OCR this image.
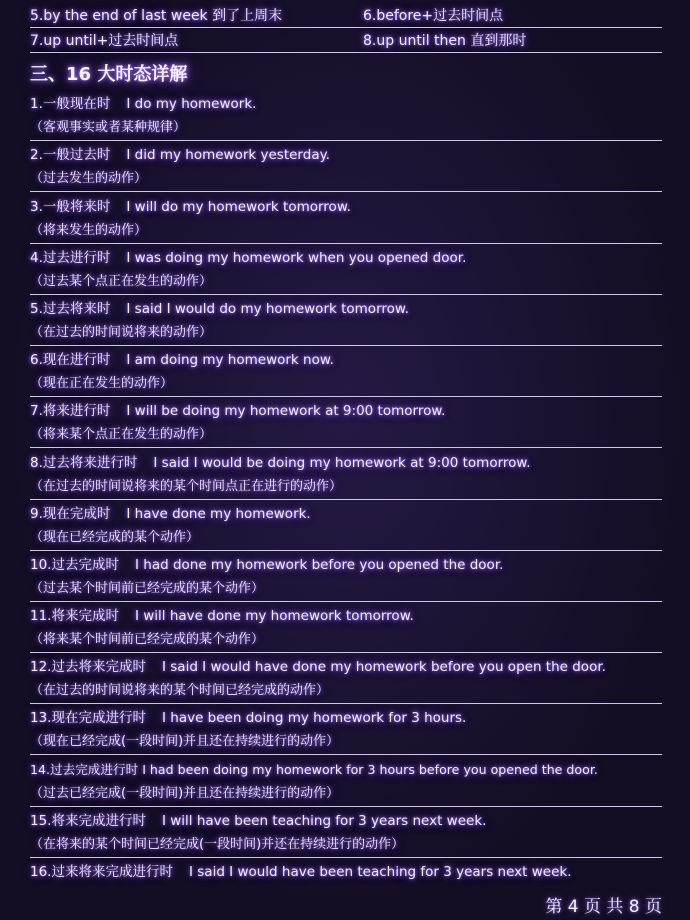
5.by the end of last week 到了上周末	6.before+过去时间点
7.up until+过去时间点	8.up until then 直到那时
三、16 大时态详解
1.一般现在时 I do my homework.
（客观事实或者某种规律）
2.一般过去时 I did my homework yesterday.
（过去发生的动作）
3.一般将来时 I will do my homework tomorrow.
（将来发生的动作）
4.过去进行时 I was doing my homework when you opened door.
（过去某个点正在发生的动作）
5.过去将来时 I said I would do my homework tomorrow.
（在过去的时间说将来的动作）
6.现在进行时 I am doing my homework now.
（现在正在发生的动作）
7.将来进行时 I will be doing my homework at 9:00 tomorrow.
（将来某个点正在发生的动作）
8.过去将来进行时 I said I would be doing my homework at 9:00 tomorrow.
（在过去的时间说将来的某个时间点正在进行的动作）
9.现在完成时 I have done my homework.
（现在已经完成的某个动作）
10.过去完成时 I had done my homework before you opened the door.
（过去某个时间前已经完成的某个动作）
11.将来完成时 I will have done my homework tomorrow.
（将来某个时间前已经完成的某个动作）
12.过去将来完成时 I said I would have done my homework before you open the door.
（在过去的时间说将来的某个时间已经完成的动作）
13.现在完成进行时 I have been doing my homework for 3 hours.
（现在已经完成(一段时间)并且还在持续进行的动作）
14.过去完成进行时 I had been doing my homework for 3 hours before you opened the door.
（过去已经完成(一段时间)并且还在持续进行的动作）
15.将来完成进行时 I will have been teaching for 3 years next week.
（在将来的某个时间已经完成(一段时间)并还在持续进行的动作）
16.过来将来完成进行时 I said I would have been teaching for 3 years next week.
第 4 页 共 8 页
